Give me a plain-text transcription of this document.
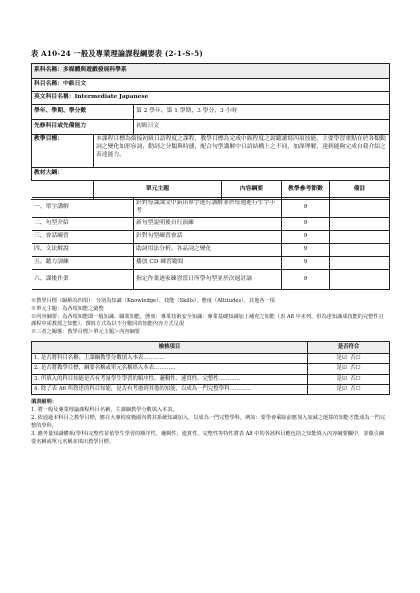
表 A10-24 一般及專業理論課程綱要表 (2-1-S-5)
系科名稱：多媒體與遊戲發展科學系					
科目名稱：中級日文					
英文科目名稱：Intermediate Japanese					
學年、學期、學分數		第 2 學年、第 1 學期、3 學分、3 小時			
先修科目或先備能力		初級日文			
教學目標：	本課程目標為銜接初級日語程度之課程，教學目標為完成中級程度之說聽讀寫四項技能，主要學習重點在於各類動詞之變化如形容詞、動詞之分類與時態，配合句型講解中日語結構上之不同，加深理解，達到能夠完成自我介紹之表達能力。				
教材大綱：					
	單元主題		內容綱要	教學參考節數	備註
	一、單字講解	針對每課課文中新出單字進行講解並於每週進行生字小考	9	
	二、句型介紹	新句型說明後自行演練	9	
	三、會話練習	針對句型練習會話	9	
	四、文法解說	助詞用法分析、各品詞之變化	9	
	五、聽力訓練	播放 CD 練習聽寫	9	
	六、課後作業	指定作業逐家練習當日所學句型並於次週討論	9	
※教學目標（歸納為四項）：分別為知識（Knowledge）、技能（Skills）、態度（Attitudes）、其他各一項
※單元主題：為各項知能之彙整
※內容綱要：為各項知能即一般知識、職業知能，態度：專業技術安全知識：專業基礎知識加上補充之知能（表 A8 中未列，但為達知識成技能的完整性且課程中需教授之知能），撰寫方式為以不分數回的知能內容方式呈現
※三者之關係：教學目標＞單元主題＞內容綱要
檢核項目	是否符合
1. 是否將科目名稱、主課綱教學分數填入本表…………	是☑ 否☐
2. 是否將教學目標，綱要名稱或單元名稱填入本表…………	是☑ 否☐
3. 所填入的科目知能是否有考量學生學習的順序性、邏輯性、連貫性、完整性…………	是☑ 否☐
4. 除了表 A6 所敘述的科目知能，是否有考慮到其他的知能，以成為一門完整學科…………	是☑ 否☐
填表說明：
1. 將一般及專業理論課程科目名稱，主課綱教學分數填入本表。
2. 依通過本科目之教學目標，應在大專程度範圍內將其系統知識加入，以成為一門完整學科，例如：要學會乘除前應加入加減之運算的知能才能成為一門完整的學科。
3. 應考量知識體系(學科)完整性並依學生學習的順序性，邏輯性，連貫性，完整性等特性將表 A8 中的各該科目應包括之知能填入內容綱要欄中，並做引綱要名稱或單元名稱並填出教學目標。
